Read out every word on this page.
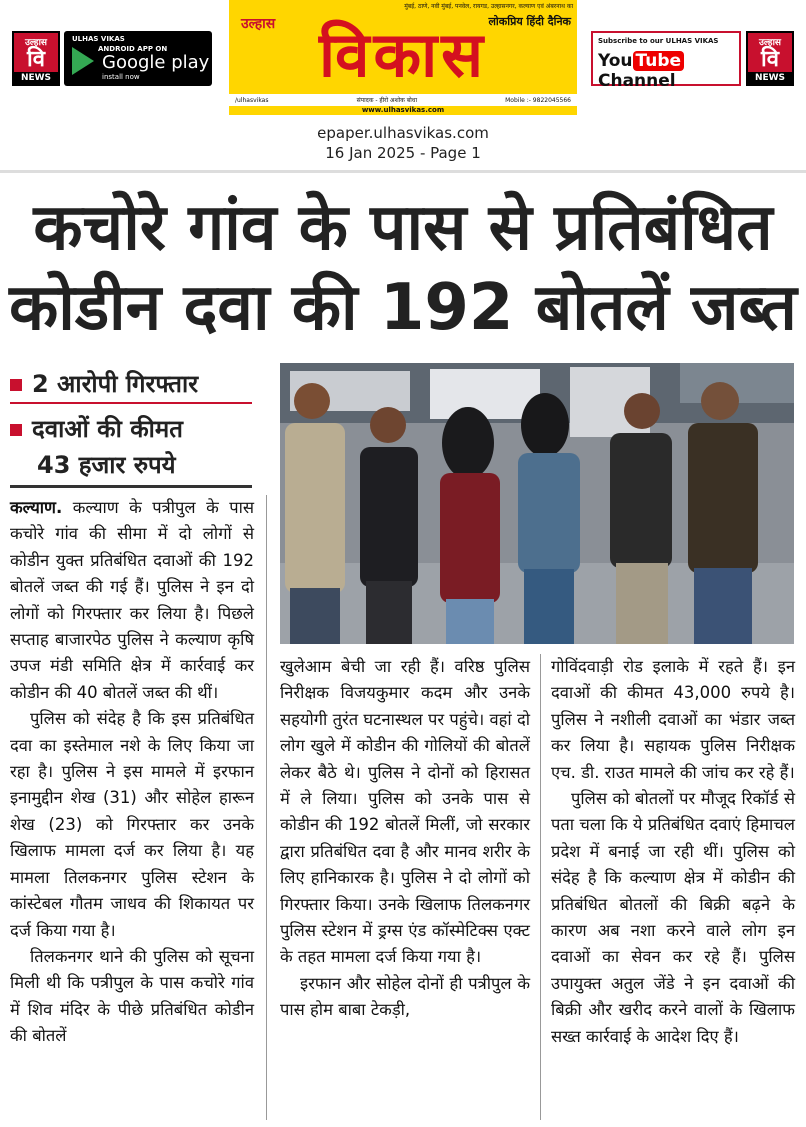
उल्हास
वि
NEWS
ULHAS VIKAS
ANDROID APP ON
Google play
install now
मुंबई, ठाणे, नवी मुंबई, पनवेल, रायगड, उल्हासनगर, कल्याण एवं अंबरनाथ का
लोकप्रिय हिंदी दैनिक
उल्हास विकास
/ulhasvikas	संपादक - हीरो अशोक बोधा	Mobile :- 9822045566
www.ulhasvikas.com
Subscribe to our ULHAS VIKAS
You Tube Channel
उल्हास
वि
NEWS
epaper.ulhasvikas.com
16 Jan 2025 - Page 1
कचोरे गांव के पास से प्रतिबंधित
कोडीन दवा की 192 बोतलें जब्त
2 आरोपी गिरफ्तार
दवाओं की कीमत
43 हजार रुपये

कल्याण. कल्याण के पत्रीपुल के पास कचोरे गांव की सीमा में दो लोगों से कोडीन युक्त प्रतिबंधित दवाओं की 192 बोतलें जब्त की गई हैं। पुलिस ने इन दो लोगों को गिरफ्तार कर लिया है। पिछले सप्ताह बाजारपेठ पुलिस ने कल्याण कृषि उपज मंडी समिति क्षेत्र में कार्रवाई कर कोडीन की 40 बोतलें जब्त की थीं।

पुलिस को संदेह है कि इस प्रतिबंधित दवा का इस्तेमाल नशे के लिए किया जा रहा है। पुलिस ने इस मामले में इरफान इनामुद्दीन शेख (31) और सोहेल हारून शेख (23) को गिरफ्तार कर उनके खिलाफ मामला दर्ज कर लिया है। यह मामला तिलकनगर पुलिस स्टेशन के कांस्टेबल गौतम जाधव की शिकायत पर दर्ज किया गया है।

तिलकनगर थाने की पुलिस को सूचना मिली थी कि पत्रीपुल के पास कचोरे गांव में शिव मंदिर के पीछे प्रतिबंधित कोडीन की बोतलें

खुलेआम बेची जा रही हैं। वरिष्ठ पुलिस निरीक्षक विजयकुमार कदम और उनके सहयोगी तुरंत घटनास्थल पर पहुंचे। वहां दो लोग खुले में कोडीन की गोलियों की बोतलें लेकर बैठे थे। पुलिस ने दोनों को हिरासत में ले लिया। पुलिस को उनके पास से कोडीन की 192 बोतलें मिलीं, जो सरकार द्वारा प्रतिबंधित दवा है और मानव शरीर के लिए हानिकारक है। पुलिस ने दो लोगों को गिरफ्तार किया। उनके खिलाफ तिलकनगर पुलिस स्टेशन में ड्रग्स एंड कॉस्मेटिक्स एक्ट के तहत मामला दर्ज किया गया है।

इरफान और सोहेल दोनों ही पत्रीपुल के पास होम बाबा टेकड़ी,

गोविंदवाड़ी रोड इलाके में रहते हैं। इन दवाओं की कीमत 43,000 रुपये है। पुलिस ने नशीली दवाओं का भंडार जब्त कर लिया है। सहायक पुलिस निरीक्षक एच. डी. राउत मामले की जांच कर रहे हैं।

पुलिस को बोतलों पर मौजूद रिकॉर्ड से पता चला कि ये प्रतिबंधित दवाएं हिमाचल प्रदेश में बनाई जा रही थीं। पुलिस को संदेह है कि कल्याण क्षेत्र में कोडीन की प्रतिबंधित बोतलों की बिक्री बढ़ने के कारण अब नशा करने वाले लोग इन दवाओं का सेवन कर रहे हैं। पुलिस उपायुक्त अतुल जेंडे ने इन दवाओं की बिक्री और खरीद करने वालों के खिलाफ सख्त कार्रवाई के आदेश दिए हैं।
